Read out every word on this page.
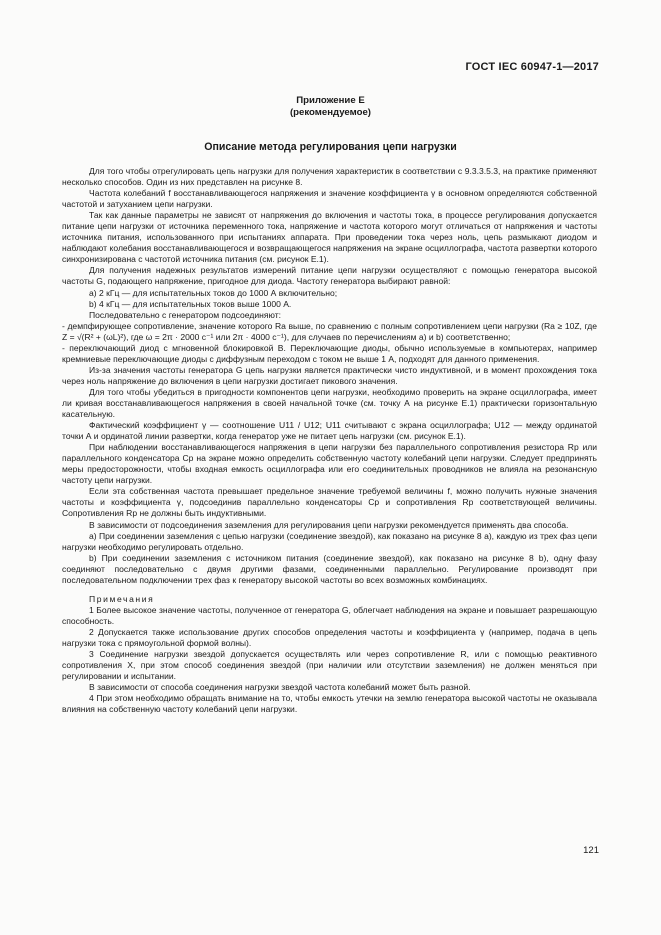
ГОСТ IEC 60947-1—2017
Приложение Е
(рекомендуемое)
Описание метода регулирования цепи нагрузки

Для того чтобы отрегулировать цепь нагрузки для получения характеристик в соответствии с 9.3.3.5.3, на практике применяют несколько способов. Один из них представлен на рисунке 8.

Частота колебаний f восстанавливающегося напряжения и значение коэффициента γ в основном определяются собственной частотой и затуханием цепи нагрузки.

Так как данные параметры не зависят от напряжения до включения и частоты тока, в процессе регулирования допускается питание цепи нагрузки от источника переменного тока, напряжение и частота которого могут отличаться от напряжения и частоты источника питания, использованного при испытаниях аппарата. При проведении тока через ноль, цепь размыкают диодом и наблюдают колебания восстанавливающегося и возвращающегося напряжения на экране осциллографа, частота развертки которого синхронизирована с частотой источника питания (см. рисунок Е.1).

Для получения надежных результатов измерений питание цепи нагрузки осуществляют с помощью генератора высокой частоты G, подающего напряжение, пригодное для диода. Частоту генератора выбирают равной:

a) 2 кГц — для испытательных токов до 1000 А включительно;

b) 4 кГц — для испытательных токов выше 1000 А.

Последовательно с генератором подсоединяют:

- демпфирующее сопротивление, значение которого Ra выше, по сравнению с полным сопротивлением цепи нагрузки (Ra ≥ 10Z, где Z = √(R² + (ωL)²), где ω = 2π · 2000 c⁻¹ или 2π · 4000 c⁻¹), для случаев по перечислениям а) и b) соответственно;

- переключающий диод с мгновенной блокировкой В. Переключающие диоды, обычно используемые в компьютерах, например кремниевые переключающие диоды с диффузным переходом с током не выше 1 А, подходят для данного применения.

Из-за значения частоты генератора G цепь нагрузки является практически чисто индуктивной, и в момент прохождения тока через ноль напряжение до включения в цепи нагрузки достигает пикового значения.

Для того чтобы убедиться в пригодности компонентов цепи нагрузки, необходимо проверить на экране осциллографа, имеет ли кривая восстанавливающегося напряжения в своей начальной точке (см. точку А на рисунке Е.1) практически горизонтальную касательную.

Фактический коэффициент γ — соотношение U11 / U12; U11 считывают с экрана осциллографа; U12 — между ординатой точки А и ординатой линии развертки, когда генератор уже не питает цепь нагрузки (см. рисунок Е.1).

При наблюдении восстанавливающегося напряжения в цепи нагрузки без параллельного сопротивления резистора Rp или параллельного конденсатора Cp на экране можно определить собственную частоту колебаний цепи нагрузки. Следует предпринять меры предосторожности, чтобы входная емкость осциллографа или его соединительных проводников не влияла на резонансную частоту цепи нагрузки.

Если эта собственная частота превышает предельное значение требуемой величины f, можно получить нужные значения частоты и коэффициента γ, подсоединив параллельно конденсаторы Cp и сопротивления Rp соответствующей величины. Сопротивления Rp не должны быть индуктивными.

В зависимости от подсоединения заземления для регулирования цепи нагрузки рекомендуется применять два способа.

а) При соединении заземления с цепью нагрузки (соединение звездой), как показано на рисунке 8 а), каждую из трех фаз цепи нагрузки необходимо регулировать отдельно.

b) При соединении заземления с источником питания (соединение звездой), как показано на рисунке 8 b), одну фазу соединяют последовательно с двумя другими фазами, соединенными параллельно. Регулирование производят при последовательном подключении трех фаз к генератору высокой частоты во всех возможных комбинациях.

Примечания

1 Более высокое значение частоты, полученное от генератора G, облегчает наблюдения на экране и повышает разрешающую способность.

2 Допускается также использование других способов определения частоты и коэффициента γ (например, подача в цепь нагрузки тока с прямоугольной формой волны).

3 Соединение нагрузки звездой допускается осуществлять или через сопротивление R, или с помощью реактивного сопротивления X, при этом способ соединения звездой (при наличии или отсутствии заземления) не должен меняться при регулировании и испытании.

В зависимости от способа соединения нагрузки звездой частота колебаний может быть разной.

4 При этом необходимо обращать внимание на то, чтобы емкость утечки на землю генератора высокой частоты не оказывала влияния на собственную частоту колебаний цепи нагрузки.

121
